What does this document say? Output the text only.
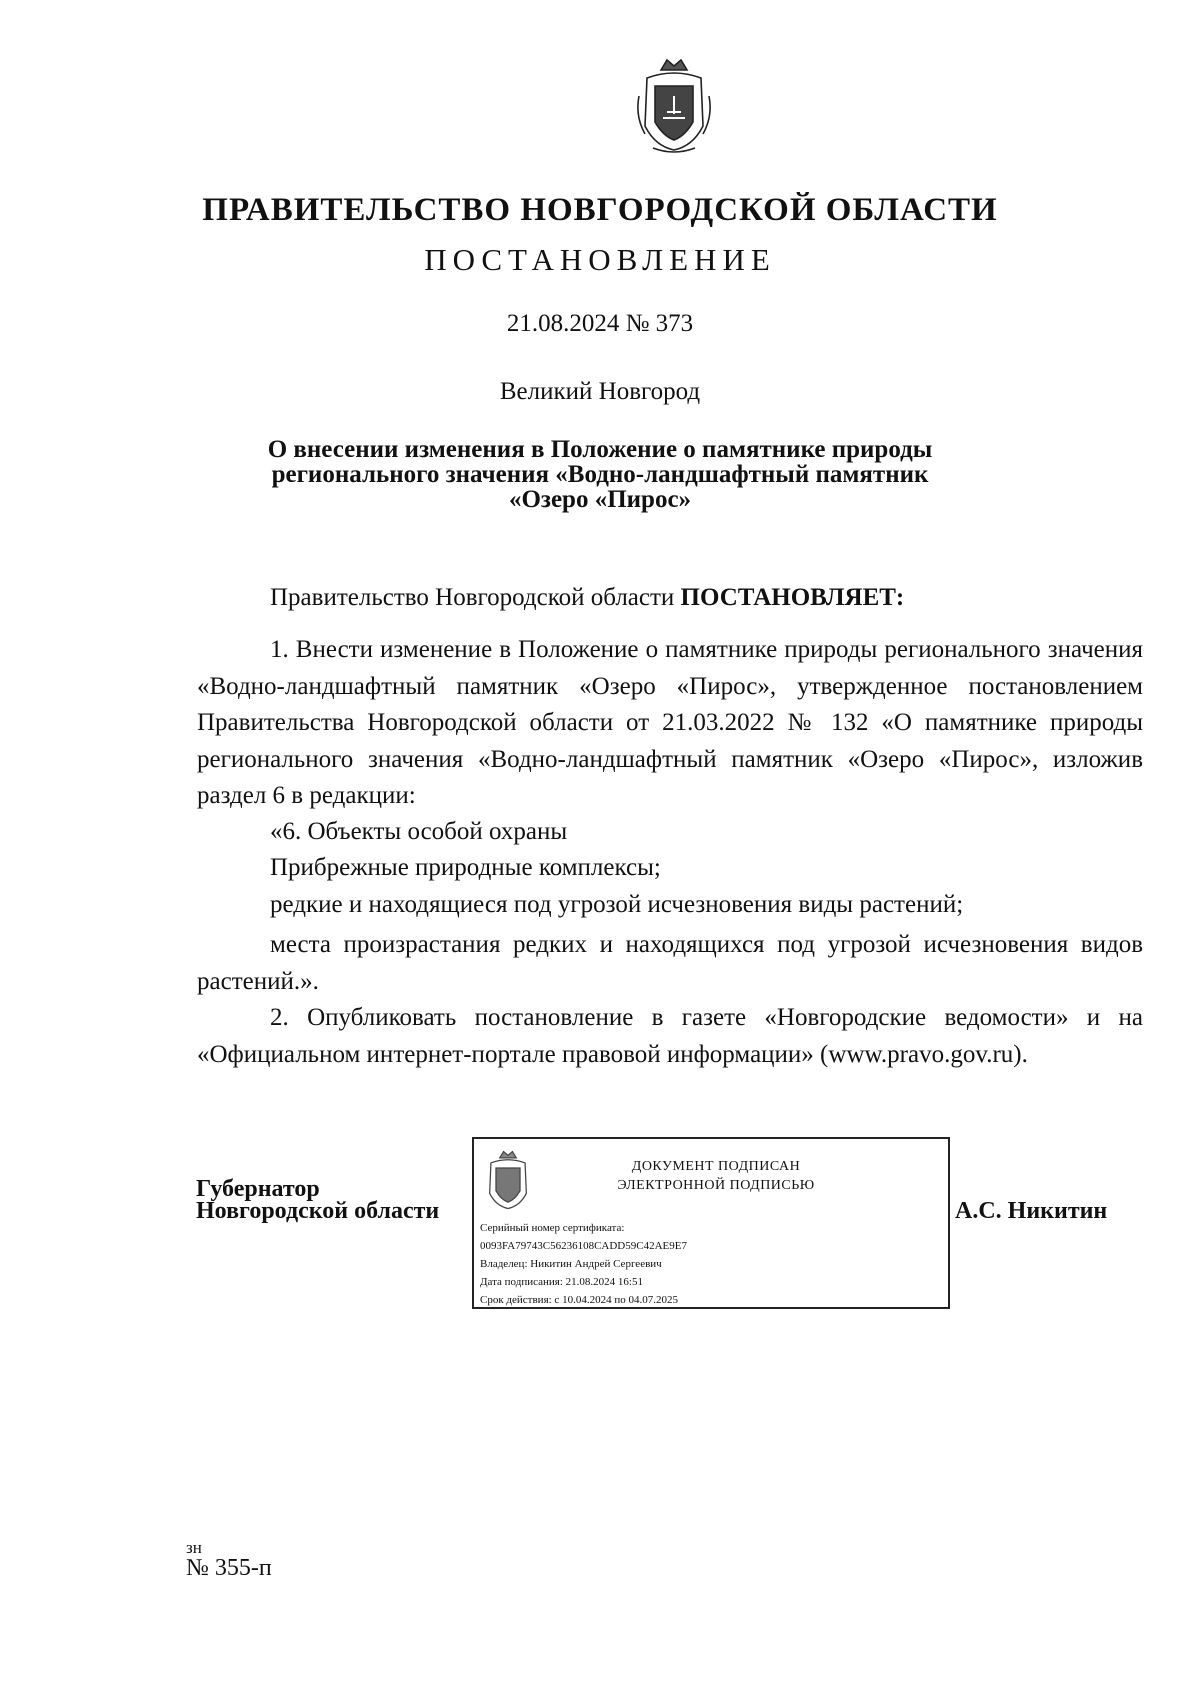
ПРАВИТЕЛЬСТВО НОВГОРОДСКОЙ ОБЛАСТИ
ПОСТАНОВЛЕНИЕ
21.08.2024 № 373
Великий Новгород
О внесении изменения в Положение о памятнике природы
регионального значения «Водно-ландшафтный памятник
«Озеро «Пирос»
Правительство Новгородской области ПОСТАНОВЛЯЕТ:
1. Внести изменение в Положение о памятнике природы регионального значения «Водно-ландшафтный памятник «Озеро «Пирос», утвержденное постановлением Правительства Новгородской области от 21.03.2022 № 132 «О памятнике природы регионального значения «Водно-ландшафтный памятник «Озеро «Пирос», изложив раздел 6 в редакции:
«6. Объекты особой охраны
Прибрежные природные комплексы;
редкие и находящиеся под угрозой исчезновения виды растений;
места произрастания редких и находящихся под угрозой исчезновения видов растений.».
2. Опубликовать постановление в газете «Новгородские ведомости» и на «Официальном интернет-портале правовой информации» (www.pravo.gov.ru).
Губернатор
Новгородской области
ДОКУМЕНТ ПОДПИСАН
ЭЛЕКТРОННОЙ ПОДПИСЬЮ
Серийный номер сертификата:
0093FA79743C56236108CADD59C42AE9E7
Владелец: Никитин Андрей Сергеевич
Дата подписания: 21.08.2024 16:51
Срок действия: с 10.04.2024 по 04.07.2025
А.С. Никитин
зн
№ 355-п
